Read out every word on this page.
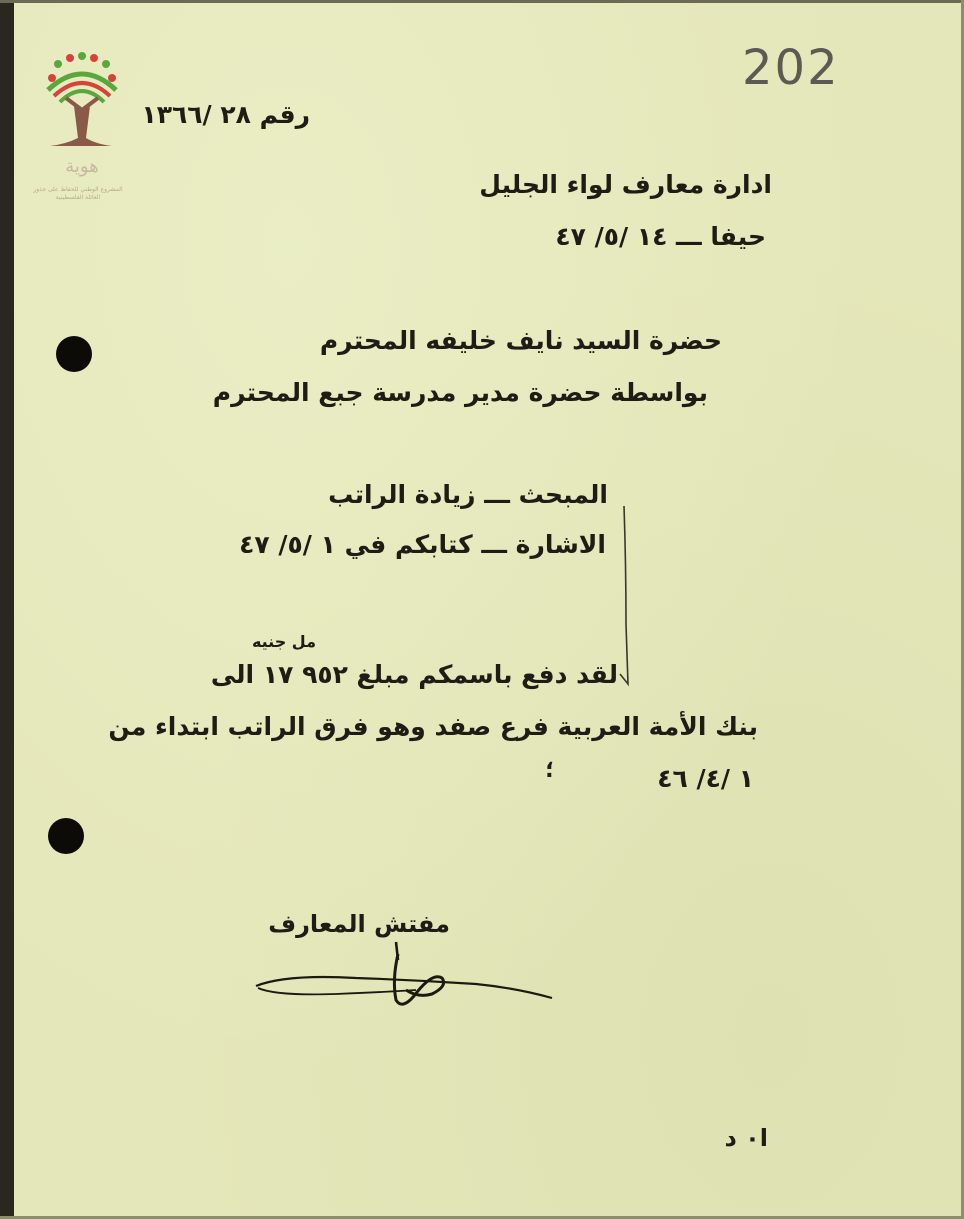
هوية
المشروع الوطني للحفاظ على جذور العائلة الفلسطينية
202
رقم ٢٨ /١٣٦٦
ادارة معارف لواء الجليل
حيفا ـــ ١٤ /٥/ ٤٧
حضرة السيد نايف خليفه المحترم
بواسطة حضرة مدير مدرسة جبع المحترم
المبحث ـــ زيادة الراتب
الاشارة ـــ كتابكم في ١ /٥/ ٤٧
مل جنيه
لقد دفع باسمكم مبلغ ٩٥٢ ١٧ الى
بنك الأمة العربية فرع صفد وهو فرق الراتب ابتداء من
١ /٤/ ٤٦
؛
مفتش المعارف
ا٠ د
